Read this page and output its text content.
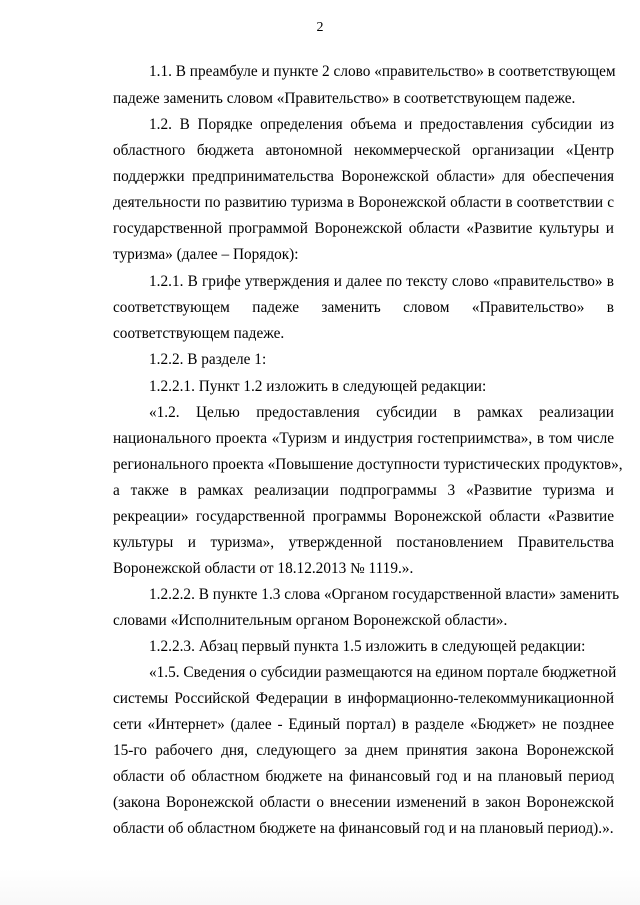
2
1.1. В преамбуле и пункте 2 слово «правительство» в соответствующем
падеже заменить словом «Правительство» в соответствующем падеже.
1.2. В Порядке определения объема и предоставления субсидии из
областного бюджета автономной некоммерческой организации «Центр
поддержки предпринимательства Воронежской области» для обеспечения
деятельности по развитию туризма в Воронежской области в соответствии с
государственной программой Воронежской области «Развитие культуры и
туризма» (далее – Порядок):
1.2.1. В грифе утверждения и далее по тексту слово «правительство» в
соответствующем падеже заменить словом «Правительство» в
соответствующем падеже.
1.2.2. В разделе 1:
1.2.2.1. Пункт 1.2 изложить в следующей редакции:
«1.2. Целью предоставления субсидии в рамках реализации
национального проекта «Туризм и индустрия гостеприимства», в том числе
регионального проекта «Повышение доступности туристических продуктов»,
а также в рамках реализации подпрограммы 3 «Развитие туризма и
рекреации» государственной программы Воронежской области «Развитие
культуры и туризма», утвержденной постановлением Правительства
Воронежской области от 18.12.2013 № 1119.».
1.2.2.2. В пункте 1.3 слова «Органом государственной власти» заменить
словами «Исполнительным органом Воронежской области».
1.2.2.3. Абзац первый пункта 1.5 изложить в следующей редакции:
«1.5. Сведения о субсидии размещаются на едином портале бюджетной
системы Российской Федерации в информационно-телекоммуникационной
сети «Интернет» (далее - Единый портал) в разделе «Бюджет» не позднее
15-го рабочего дня, следующего за днем принятия закона Воронежской
области об областном бюджете на финансовый год и на плановый период
(закона Воронежской области о внесении изменений в закон Воронежской
области об областном бюджете на финансовый год и на плановый период).».
